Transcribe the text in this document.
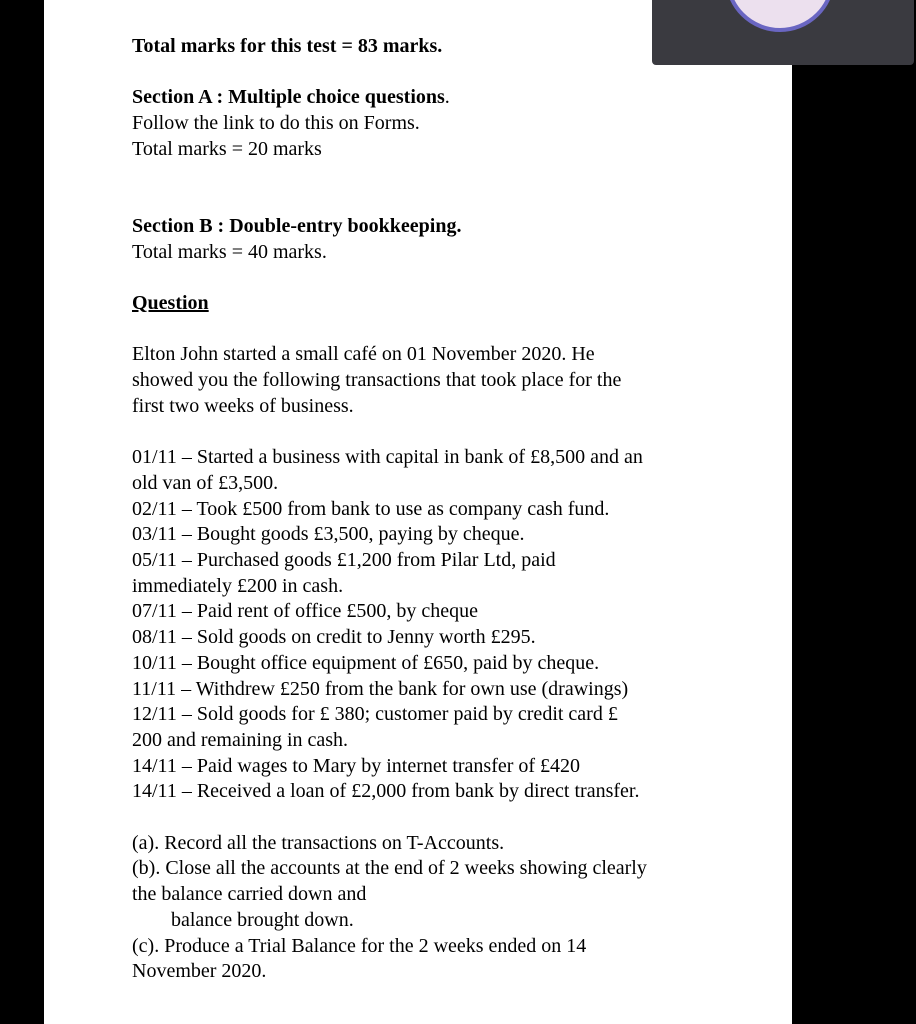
Total marks for this test = 83 marks.

Section A : Multiple choice questions.

Follow the link to do this on Forms.

Total marks = 20 marks

Section B : Double-entry bookkeeping.

Total marks = 40 marks.

Question

Elton John started a small café on 01 November 2020. He

showed you the following transactions that took place for the

first two weeks of business.

01/11 – Started a business with capital in bank of £8,500 and an

old van of £3,500.

02/11 – Took £500 from bank to use as company cash fund.

03/11 – Bought goods £3,500, paying by cheque.

05/11 – Purchased goods £1,200 from Pilar Ltd, paid

immediately £200 in cash.

07/11 – Paid rent of office £500, by cheque

08/11 – Sold goods on credit to Jenny worth £295.

10/11 – Bought office equipment of £650, paid by cheque.

11/11 – Withdrew £250 from the bank for own use (drawings)

12/11 – Sold goods for £ 380; customer paid by credit card £

200 and remaining in cash.

14/11 – Paid wages to Mary by internet transfer of £420

14/11 – Received a loan of £2,000 from bank by direct transfer.

(a). Record all the transactions on T-Accounts.

(b). Close all the accounts at the end of 2 weeks showing clearly

the balance carried down and

balance brought down.

(c). Produce a Trial Balance for the 2 weeks ended on 14

November 2020.
